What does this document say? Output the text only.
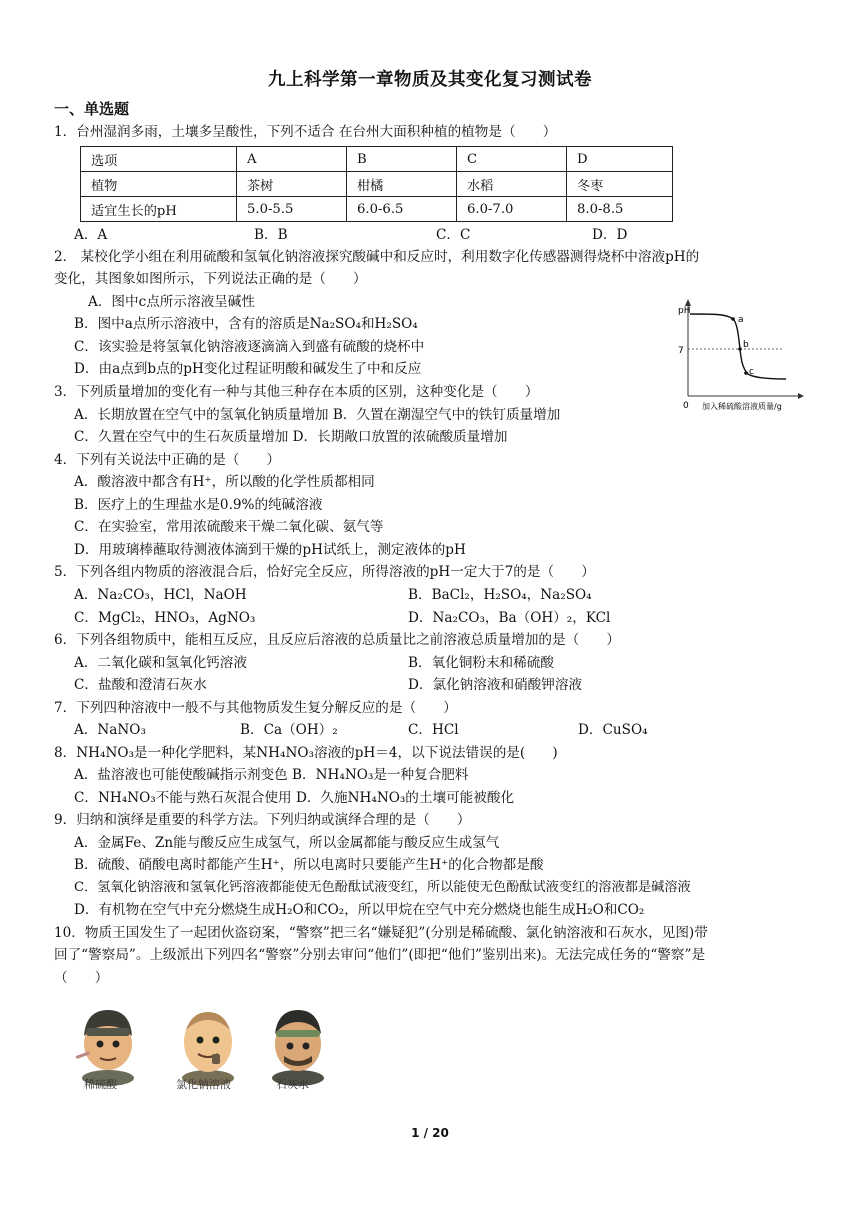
九上科学第一章物质及其变化复习测试卷
一、单选题
1．台州湿润多雨，土壤多呈酸性，下列不适合 在台州大面积种植的植物是（　　）
选项	A	B	C	D
植物	茶树	柑橘	水稻	冬枣
适宜生长的pH	5.0-5.5	6.0-6.5	6.0-7.0	8.0-8.5
A．A	B．B	C．C	D．D
2． 某校化学小组在利用硫酸和氢氧化钠溶液探究酸碱中和反应时，利用数字化传感器测得烧杯中溶液pH的
变化，其图象如图所示，下列说法正确的是（　　）
A．图中c点所示溶液呈碱性
B．图中a点所示溶液中，含有的溶质是Na₂SO₄和H₂SO₄
C．该实验是将氢氧化钠溶液逐滴滴入到盛有硫酸的烧杯中
D．由a点到b点的pH变化过程证明酸和碱发生了中和反应
pH
0
7
a
b
c
加入稀硫酸溶液质量/g
3．下列质量增加的变化有一种与其他三种存在本质的区别，这种变化是（　　）
A．长期放置在空气中的氢氧化钠质量增加 B．久置在潮湿空气中的铁钉质量增加
C．久置在空气中的生石灰质量增加 D．长期敞口放置的浓硫酸质量增加
4．下列有关说法中正确的是（　　）
A．酸溶液中都含有H⁺，所以酸的化学性质都相同
B．医疗上的生理盐水是0.9%的纯碱溶液
C．在实验室，常用浓硫酸来干燥二氧化碳、氨气等
D．用玻璃棒蘸取待测液体滴到干燥的pH试纸上，测定液体的pH
5．下列各组内物质的溶液混合后，恰好完全反应，所得溶液的pH一定大于7的是（　　）
A．Na₂CO₃，HCl，NaOH	B．BaCl₂，H₂SO₄，Na₂SO₄
C．MgCl₂，HNO₃，AgNO₃	D．Na₂CO₃，Ba（OH）₂，KCl
6．下列各组物质中，能相互反应，且反应后溶液的总质量比之前溶液总质量增加的是（　　）
A．二氧化碳和氢氧化钙溶液	B．氧化铜粉末和稀硫酸
C．盐酸和澄清石灰水	D．氯化钠溶液和硝酸钾溶液
7．下列四种溶液中一般不与其他物质发生复分解反应的是（　　）
A．NaNO₃	B．Ca（OH）₂	C．HCl	D．CuSO₄
8．NH₄NO₃是一种化学肥料，某NH₄NO₃溶液的pH＝4，以下说法错误的是(　　)
A．盐溶液也可能使酸碱指示剂变色 B．NH₄NO₃是一种复合肥料
C．NH₄NO₃不能与熟石灰混合使用 D．久施NH₄NO₃的土壤可能被酸化
9．归纳和演绎是重要的科学方法。下列归纳或演绎合理的是（　　）
A．金属Fe、Zn能与酸反应生成氢气，所以金属都能与酸反应生成氢气
B．硫酸、硝酸电离时都能产生H⁺，所以电离时只要能产生H⁺的化合物都是酸
C．氢氧化钠溶液和氢氧化钙溶液都能使无色酚酞试液变红，所以能使无色酚酞试液变红的溶液都是碱溶液
D．有机物在空气中充分燃烧生成H₂O和CO₂，所以甲烷在空气中充分燃烧也能生成H₂O和CO₂
10．物质王国发生了一起团伙盗窃案，“警察”把三名“嫌疑犯”(分别是稀硫酸、氯化钠溶液和石灰水，见图)带
回了“警察局”。上级派出下列四名“警察”分别去审问“他们”(即把“他们”鉴别出来)。无法完成任务的“警察”是
（　　）
稀硫酸	氯化钠溶液	石灰水
1 / 20
